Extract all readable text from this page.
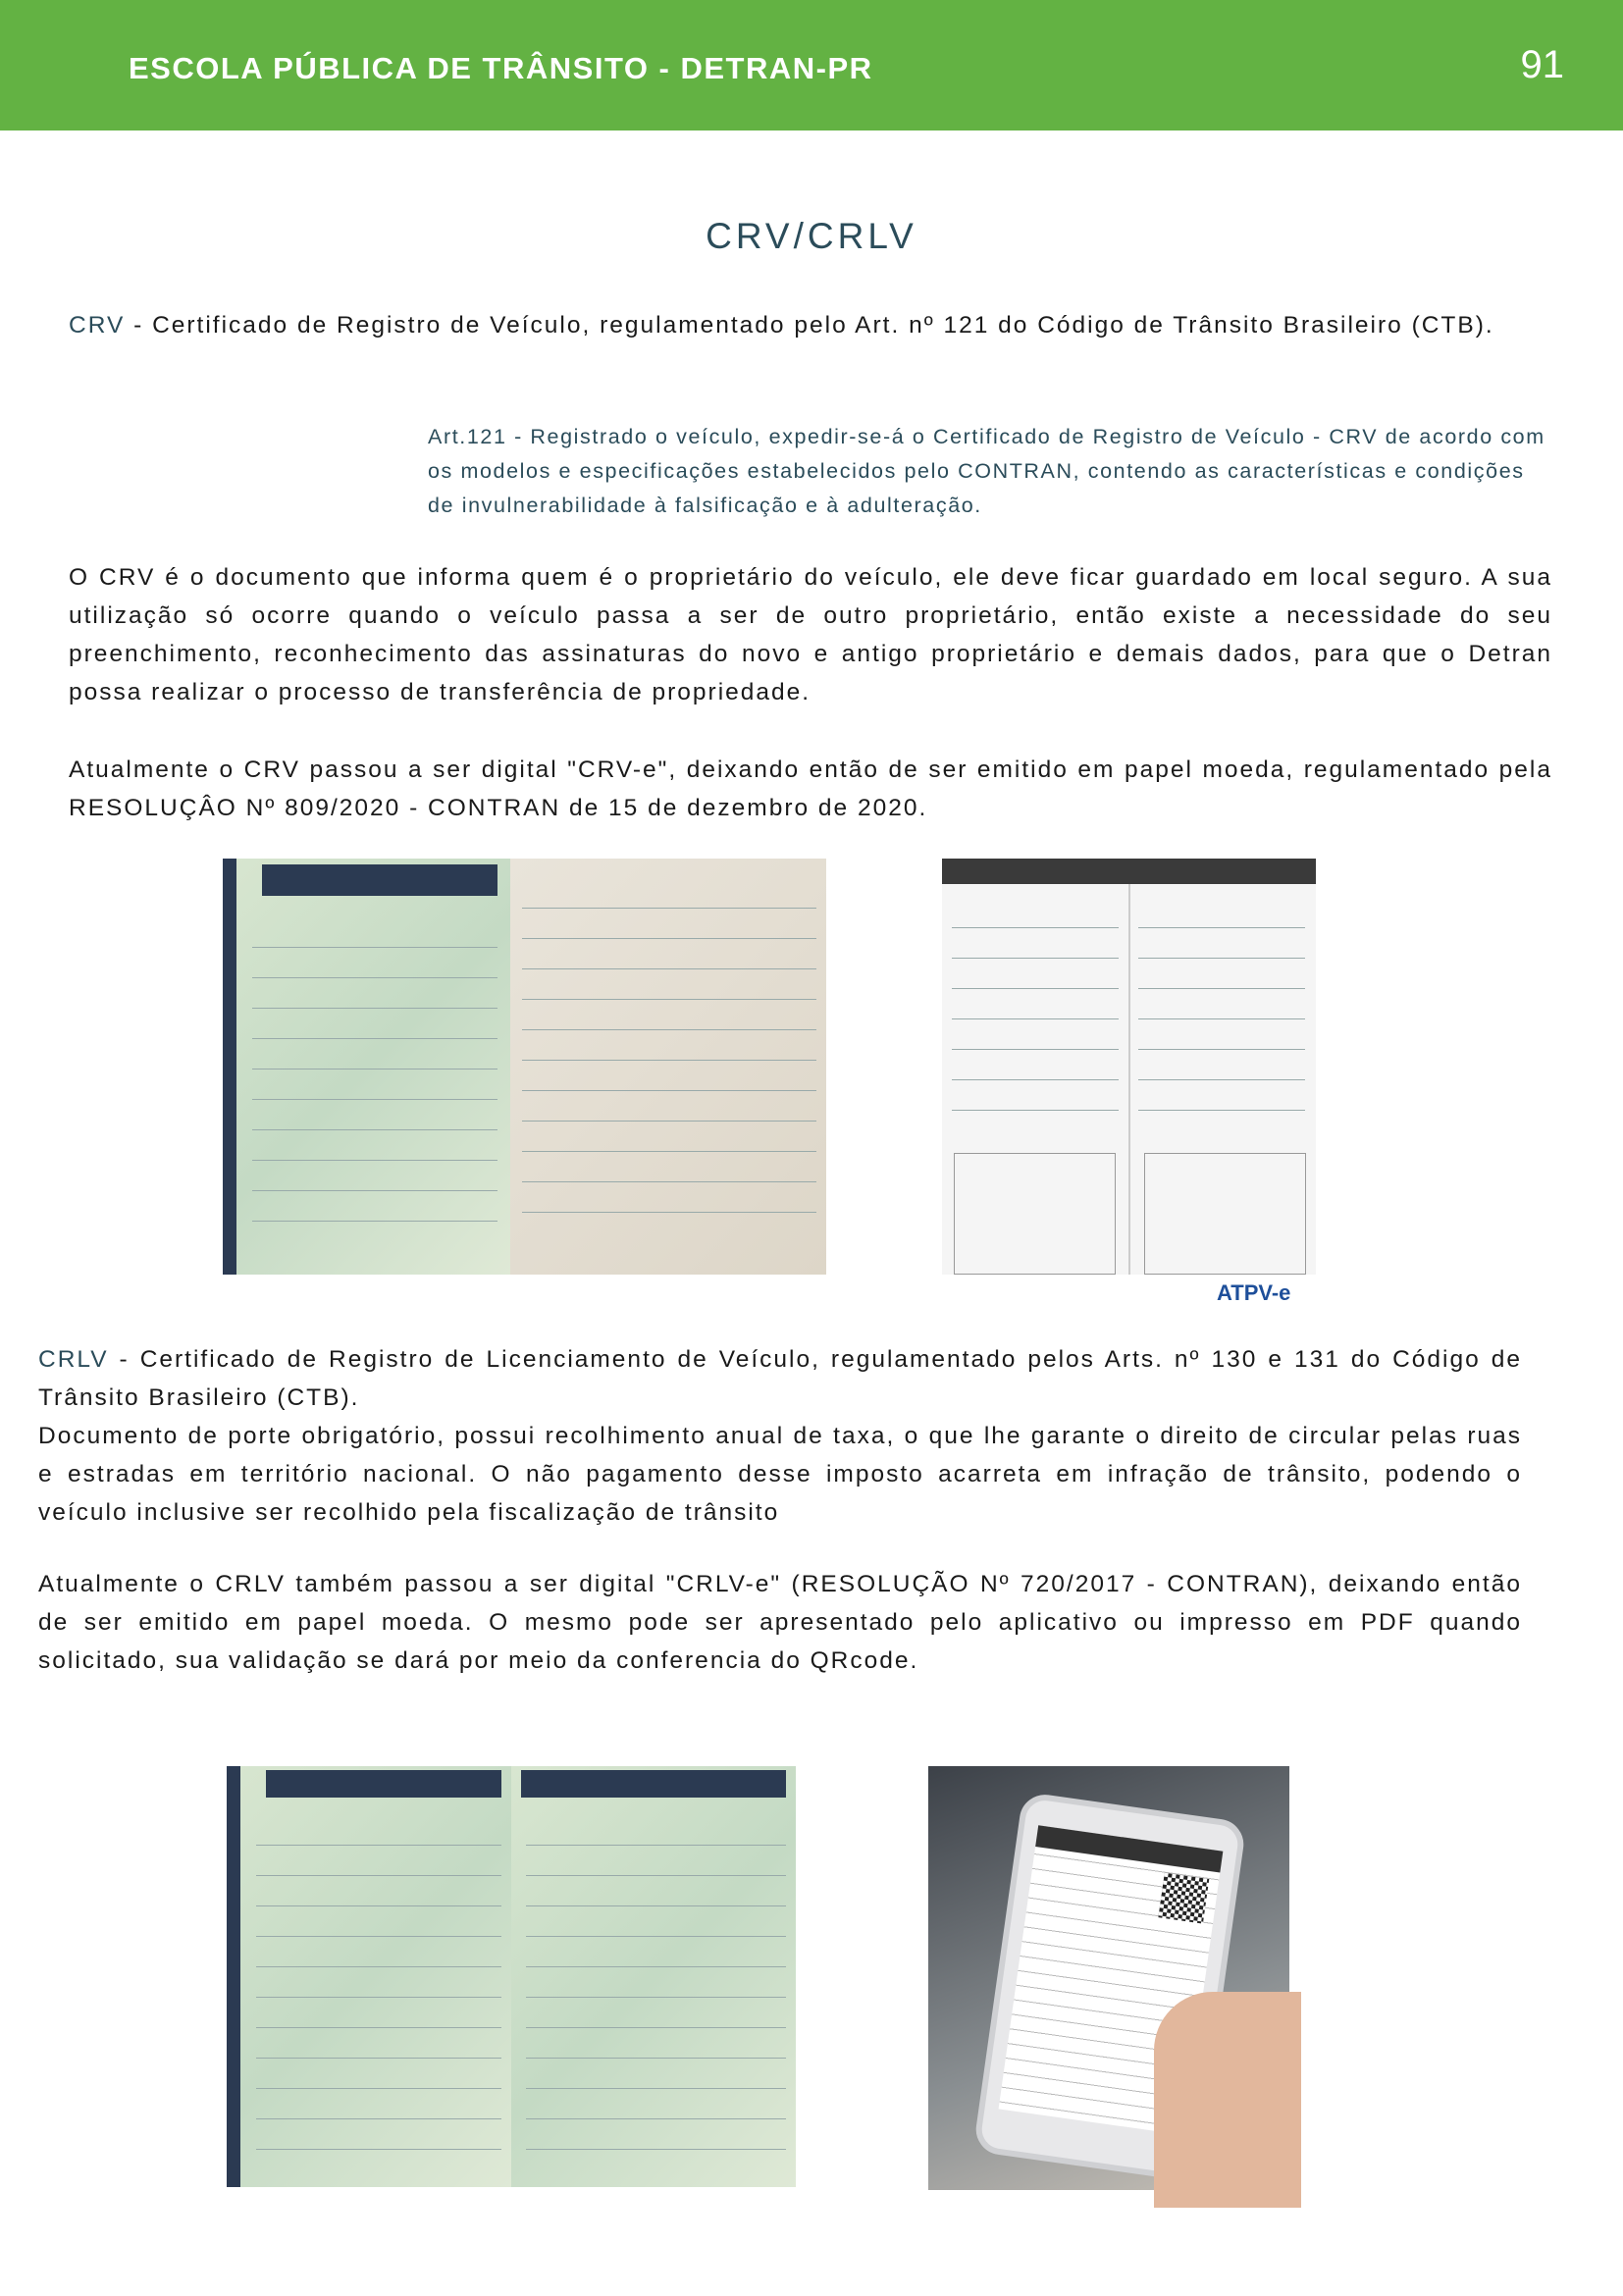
ESCOLA PÚBLICA DE TRÂNSITO - DETRAN-PR	91
CRV/CRLV

CRV - Certificado de Registro de Veículo, regulamentado pelo Art. nº 121 do Código de Trânsito Brasileiro (CTB).

Art.121 - Registrado o veículo, expedir-se-á o Certificado de Registro de Veículo - CRV de acordo com os modelos e especificações estabelecidos pelo CONTRAN, contendo as características e condições de invulnerabilidade à falsificação e à adulteração.

O CRV é o documento que informa quem é o proprietário do veículo, ele deve ficar guardado em local seguro. A sua utilização só ocorre quando o veículo passa a ser de outro proprietário, então existe a necessidade do seu preenchimento, reconhecimento das assinaturas do novo e antigo proprietário e demais dados, para que o Detran possa realizar o processo de transferência de propriedade.

Atualmente o CRV passou a ser digital "CRV-e", deixando então de ser emitido em papel moeda, regulamentado pela RESOLUÇÂO Nº 809/2020 - CONTRAN de 15 de dezembro de 2020.

ATPV-e

CRLV - Certificado de Registro de Licenciamento de Veículo, regulamentado pelos Arts. nº 130 e 131 do Código de Trânsito Brasileiro (CTB).

Documento de porte obrigatório, possui recolhimento anual de taxa, o que lhe garante o direito de circular pelas ruas e estradas em território nacional. O não pagamento desse imposto acarreta em infração de trânsito, podendo o veículo inclusive ser recolhido pela fiscalização de trânsito

Atualmente o CRLV também passou a ser digital "CRLV-e" (RESOLUÇÃO Nº 720/2017 - CONTRAN), deixando então de ser emitido em papel moeda. O mesmo pode ser apresentado pelo aplicativo ou impresso em PDF quando solicitado, sua validação se dará por meio da conferencia do QRcode.
